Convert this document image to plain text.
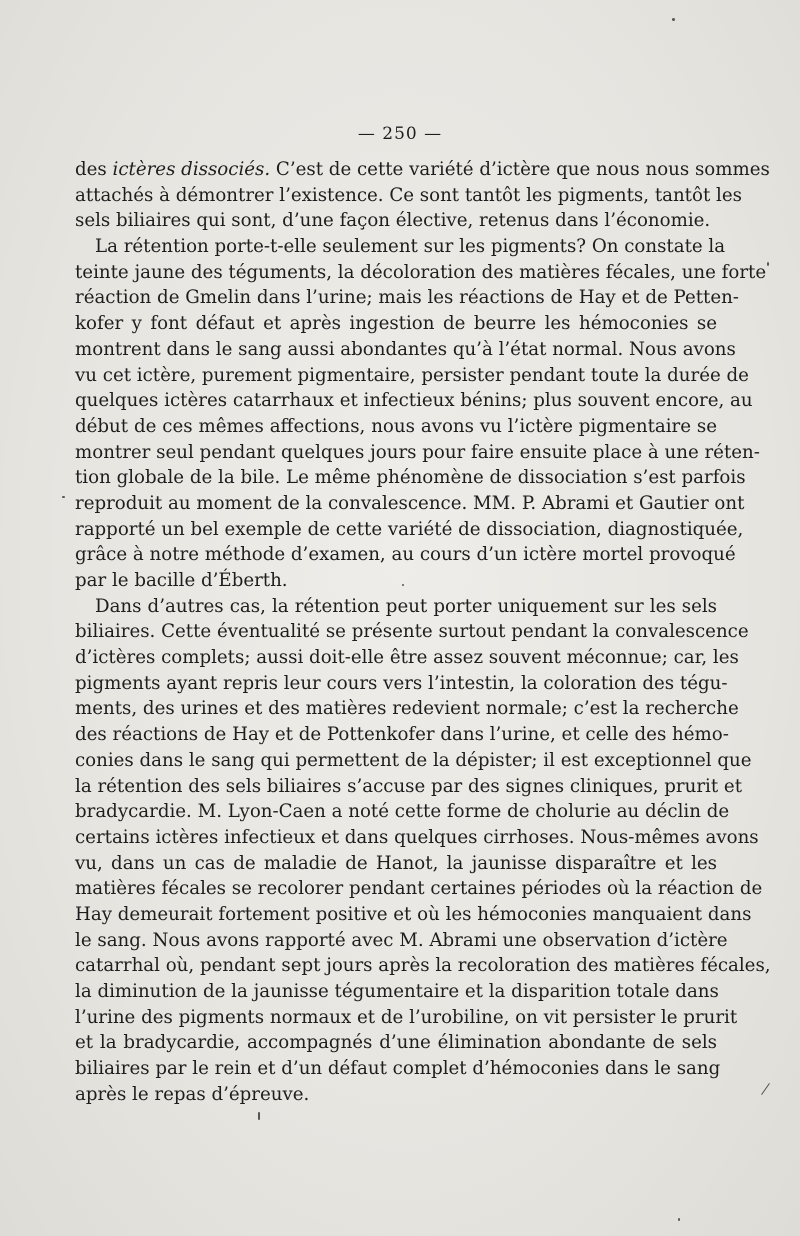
— 250 —
des ictères dissociés. C’est de cette variété d’ictère que nous nous sommes
attachés à démontrer l’existence. Ce sont tantôt les pigments, tantôt les
sels biliaires qui sont, d’une façon élective, retenus dans l’économie.
La rétention porte-t-elle seulement sur les pigments? On constate la
teinte jaune des téguments, la décoloration des matières fécales, une forte
réaction de Gmelin dans l’urine; mais les réactions de Hay et de Petten-
kofer y font défaut et après ingestion de beurre les hémoconies se
montrent dans le sang aussi abondantes qu’à l’état normal. Nous avons
vu cet ictère, purement pigmentaire, persister pendant toute la durée de
quelques ictères catarrhaux et infectieux bénins; plus souvent encore, au
début de ces mêmes affections, nous avons vu l’ictère pigmentaire se
montrer seul pendant quelques jours pour faire ensuite place à une réten-
tion globale de la bile. Le même phénomène de dissociation s’est parfois
reproduit au moment de la convalescence. MM. P. Abrami et Gautier ont
rapporté un bel exemple de cette variété de dissociation, diagnostiquée,
grâce à notre méthode d’examen, au cours d’un ictère mortel provoqué
par le bacille d’Éberth.
Dans d’autres cas, la rétention peut porter uniquement sur les sels
biliaires. Cette éventualité se présente surtout pendant la convalescence
d’ictères complets; aussi doit-elle être assez souvent méconnue; car, les
pigments ayant repris leur cours vers l’intestin, la coloration des tégu-
ments, des urines et des matières redevient normale; c’est la recherche
des réactions de Hay et de Pottenkofer dans l’urine, et celle des hémo-
conies dans le sang qui permettent de la dépister; il est exceptionnel que
la rétention des sels biliaires s’accuse par des signes cliniques, prurit et
bradycardie. M. Lyon-Caen a noté cette forme de cholurie au déclin de
certains ictères infectieux et dans quelques cirrhoses. Nous-mêmes avons
vu, dans un cas de maladie de Hanot, la jaunisse disparaître et les
matières fécales se recolorer pendant certaines périodes où la réaction de
Hay demeurait fortement positive et où les hémoconies manquaient dans
le sang. Nous avons rapporté avec M. Abrami une observation d’ictère
catarrhal où, pendant sept jours après la recoloration des matières fécales,
la diminution de la jaunisse tégumentaire et la disparition totale dans
l’urine des pigments normaux et de l’urobiline, on vit persister le prurit
et la bradycardie, accompagnés d’une élimination abondante de sels
biliaires par le rein et d’un défaut complet d’hémoconies dans le sang
après le repas d’épreuve.
